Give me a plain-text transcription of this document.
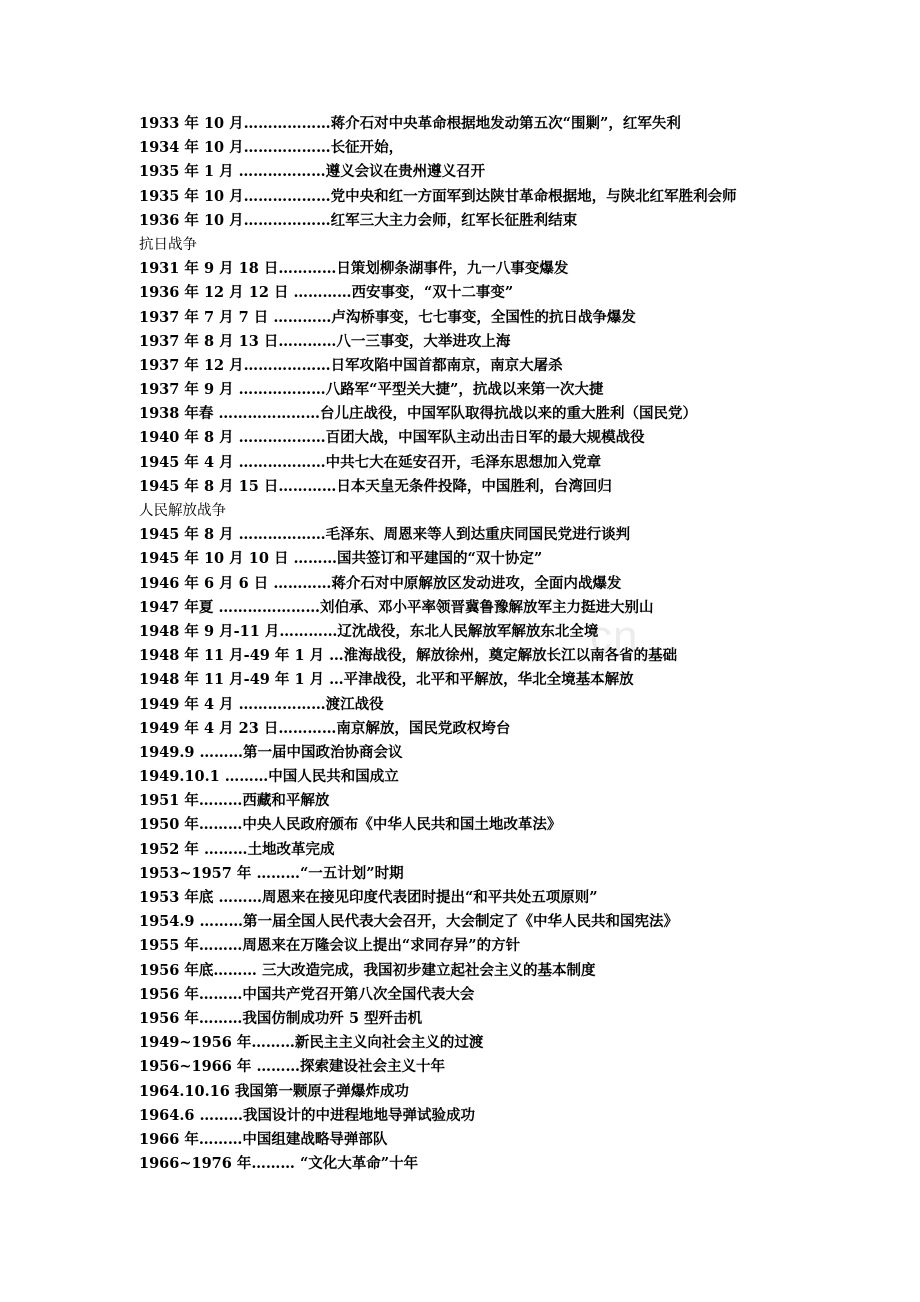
cn
1933 年 10 月………………蒋介石对中央革命根据地发动第五次“围剿”，红军失利
1934 年 10 月………………长征开始，
1935 年 1 月 ………………遵义会议在贵州遵义召开
1935 年 10 月………………党中央和红一方面军到达陕甘革命根据地，与陕北红军胜利会师
1936 年 10 月………………红军三大主力会师，红军长征胜利结束
抗日战争
1931 年 9 月 18 日…………日策划柳条湖事件，九一八事变爆发
1936 年 12 月 12 日 …………西安事变，“双十二事变”
1937 年 7 月 7 日 …………卢沟桥事变，七七事变，全国性的抗日战争爆发
1937 年 8 月 13 日…………八一三事变，大举进攻上海
1937 年 12 月………………日军攻陷中国首都南京，南京大屠杀
1937 年 9 月 ………………八路军“平型关大捷”，抗战以来第一次大捷
1938 年春 …………………台儿庄战役，中国军队取得抗战以来的重大胜利（国民党）
1940 年 8 月 ………………百团大战，中国军队主动出击日军的最大规模战役
1945 年 4 月 ………………中共七大在延安召开，毛泽东思想加入党章
1945 年 8 月 15 日…………日本天皇无条件投降，中国胜利，台湾回归
人民解放战争
1945 年 8 月 ………………毛泽东、周恩来等人到达重庆同国民党进行谈判
1945 年 10 月 10 日 ………国共签订和平建国的“双十协定”
1946 年 6 月 6 日 …………蒋介石对中原解放区发动进攻，全面内战爆发
1947 年夏 …………………刘伯承、邓小平率领晋冀鲁豫解放军主力挺进大别山
1948 年 9 月-11 月…………辽沈战役，东北人民解放军解放东北全境
1948 年 11 月-49 年 1 月 …淮海战役，解放徐州，奠定解放长江以南各省的基础
1948 年 11 月-49 年 1 月 …平津战役，北平和平解放，华北全境基本解放
1949 年 4 月 ………………渡江战役
1949 年 4 月 23 日…………南京解放，国民党政权垮台
1949.9 ………第一届中国政治协商会议
1949.10.1 ………中国人民共和国成立
1951 年………西藏和平解放
1950 年………中央人民政府颁布《中华人民共和国土地改革法》
1952 年 ………土地改革完成
1953~1957 年 ………“一五计划”时期
1953 年底 ………周恩来在接见印度代表团时提出“和平共处五项原则”
1954.9 ………第一届全国人民代表大会召开，大会制定了《中华人民共和国宪法》
1955 年………周恩来在万隆会议上提出“求同存异”的方针
1956 年底……… 三大改造完成，我国初步建立起社会主义的基本制度
1956 年………中国共产党召开第八次全国代表大会
1956 年………我国仿制成功歼 5 型歼击机
1949~1956 年………新民主主义向社会主义的过渡
1956~1966 年 ………探索建设社会主义十年
1964.10.16 我国第一颗原子弹爆炸成功
1964.6 ………我国设计的中进程地地导弹试验成功
1966 年………中国组建战略导弹部队
1966~1976 年……… “文化大革命”十年
